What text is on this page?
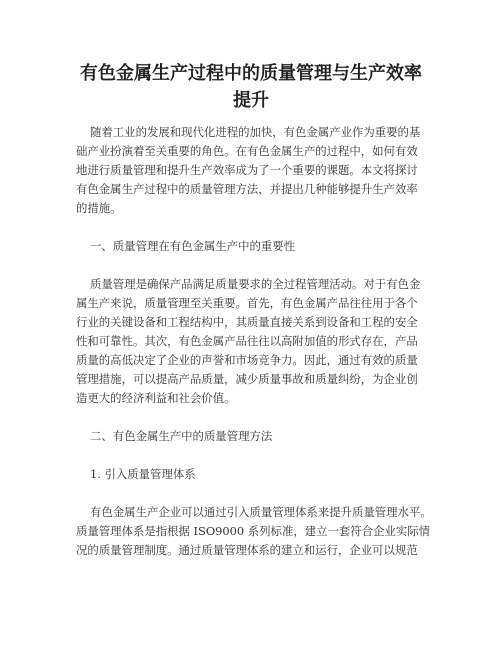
有色金属生产过程中的质量管理与生产效率
提升
随着工业的发展和现代化进程的加快，有色金属产业作为重要的基
础产业扮演着至关重要的角色。在有色金属生产的过程中，如何有效
地进行质量管理和提升生产效率成为了一个重要的课题。本文将探讨
有色金属生产过程中的质量管理方法，并提出几种能够提升生产效率
的措施。
一、质量管理在有色金属生产中的重要性
质量管理是确保产品满足质量要求的全过程管理活动。对于有色金
属生产来说，质量管理至关重要。首先，有色金属产品往往用于各个
行业的关键设备和工程结构中，其质量直接关系到设备和工程的安全
性和可靠性。其次，有色金属产品往往以高附加值的形式存在，产品
质量的高低决定了企业的声誉和市场竞争力。因此，通过有效的质量
管理措施，可以提高产品质量，减少质量事故和质量纠纷，为企业创
造更大的经济利益和社会价值。
二、有色金属生产中的质量管理方法
1. 引入质量管理体系
有色金属生产企业可以通过引入质量管理体系来提升质量管理水平。
质量管理体系是指根据 ISO9000 系列标准，建立一套符合企业实际情
况的质量管理制度。通过质量管理体系的建立和运行，企业可以规范
